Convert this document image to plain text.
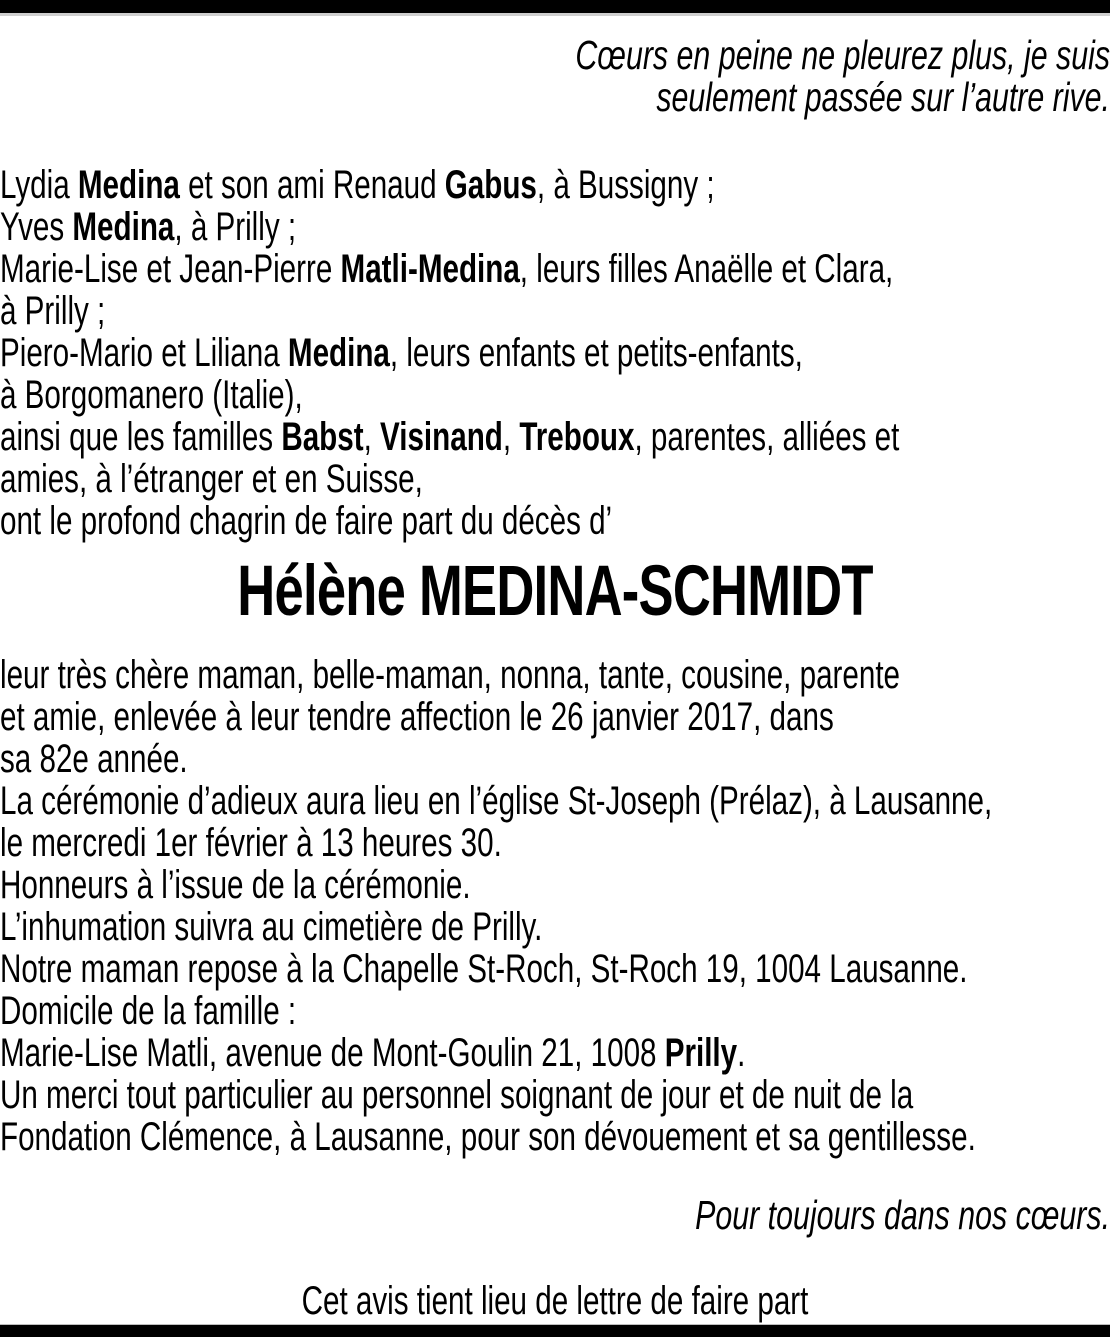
Cœurs en peine ne pleurez plus, je suis

seulement passée sur l’autre rive.

Lydia Medina et son ami Renaud Gabus, à Bussigny ;

Yves Medina, à Prilly ;

Marie-Lise et Jean-Pierre Matli-Medina, leurs filles Anaëlle et Clara,

à Prilly ;

Piero-Mario et Liliana Medina, leurs enfants et petits-enfants,

à Borgomanero (Italie),

ainsi que les familles Babst, Visinand, Treboux, parentes, alliées et

amies, à l’étranger et en Suisse,

ont le profond chagrin de faire part du décès d’

Hélène MEDINA-SCHMIDT

leur très chère maman, belle-maman, nonna, tante, cousine, parente

et amie, enlevée à leur tendre affection le 26 janvier 2017, dans

sa 82e année.

La cérémonie d’adieux aura lieu en l’église St-Joseph (Prélaz), à Lausanne,

le mercredi 1er février à 13 heures 30.

Honneurs à l’issue de la cérémonie.

L’inhumation suivra au cimetière de Prilly.

Notre maman repose à la Chapelle St-Roch, St-Roch 19, 1004 Lausanne.

Domicile de la famille :

Marie-Lise Matli, avenue de Mont-Goulin 21, 1008 Prilly.

Un merci tout particulier au personnel soignant de jour et de nuit de la

Fondation Clémence, à Lausanne, pour son dévouement et sa gentillesse.

Pour toujours dans nos cœurs.

Cet avis tient lieu de lettre de faire part
